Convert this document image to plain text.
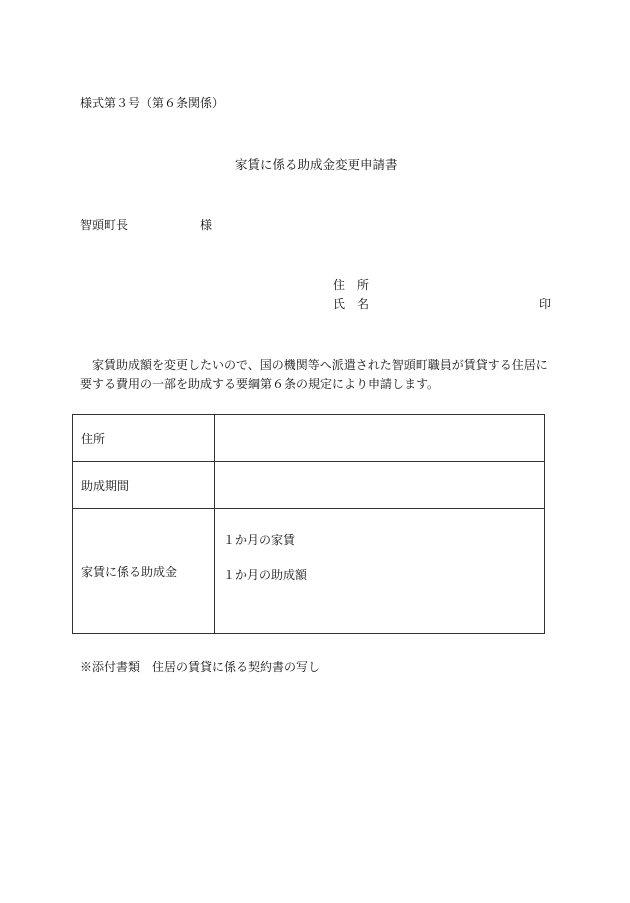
様式第３号（第６条関係）
家賃に係る助成金変更申請書
智頭町長	様
住　所
氏　名	印
家賃助成額を変更したいので、国の機関等へ派遣された智頭町職員が賃貸する住居に
要する費用の一部を助成する要綱第６条の規定により申請します。
住所	
助成期間	
家賃に係る助成金	１か月の家賃
１か月の助成額
※添付書類　住居の賃貸に係る契約書の写し
